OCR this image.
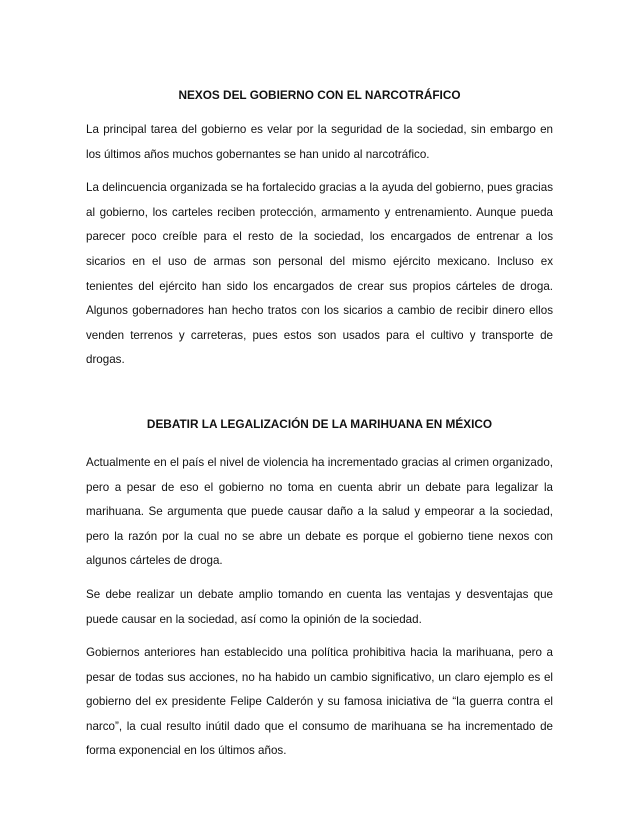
NEXOS DEL GOBIERNO CON EL NARCOTRÁFICO

La principal tarea del gobierno es velar por la seguridad de la sociedad, sin embargo en los últimos años muchos gobernantes se han unido al narcotráfico.

La delincuencia organizada se ha fortalecido gracias a la ayuda del gobierno, pues gracias al gobierno, los carteles reciben protección, armamento y entrenamiento. Aunque pueda parecer poco creíble para el resto de la sociedad, los encargados de entrenar a los sicarios en el uso de armas son personal del mismo ejército mexicano. Incluso ex tenientes del ejército han sido los encargados de crear sus propios cárteles de droga. Algunos gobernadores han hecho tratos con los sicarios a cambio de recibir dinero ellos venden terrenos y carreteras, pues estos son usados para el cultivo y transporte de drogas.

DEBATIR LA LEGALIZACIÓN DE LA MARIHUANA EN MÉXICO

Actualmente en el país el nivel de violencia ha incrementado gracias al crimen organizado, pero a pesar de eso el gobierno no toma en cuenta abrir un debate para legalizar la marihuana. Se argumenta que puede causar daño a la salud y empeorar a la sociedad, pero la razón por la cual no se abre un debate es porque el gobierno tiene nexos con algunos cárteles de droga.

Se debe realizar un debate amplio tomando en cuenta las ventajas y desventajas que puede causar en la sociedad, así como la opinión de la sociedad.

Gobiernos anteriores han establecido una política prohibitiva hacia la marihuana, pero a pesar de todas sus acciones, no ha habido un cambio significativo, un claro ejemplo es el gobierno del ex presidente Felipe Calderón y su famosa iniciativa de “la guerra contra el narco”, la cual resulto inútil dado que el consumo de marihuana se ha incrementado de forma exponencial en los últimos años.
